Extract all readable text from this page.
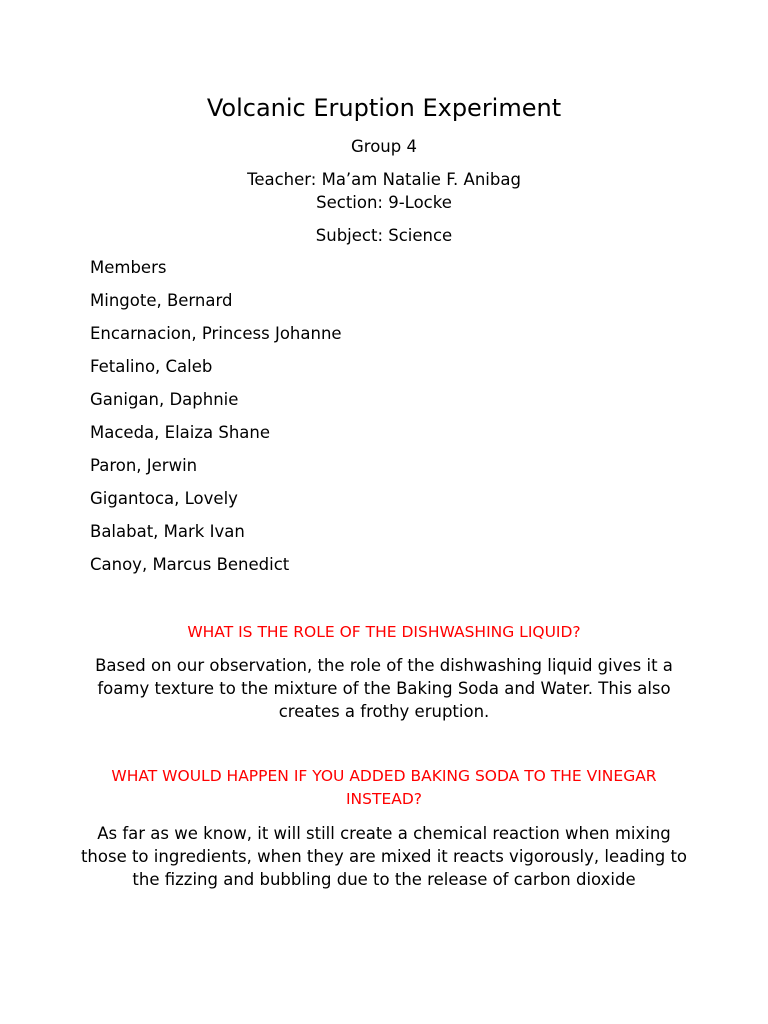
Volcanic Eruption Experiment

Group 4

Teacher: Ma’am Natalie F. Anibag

Section: 9-Locke

Subject: Science

Members
Mingote, Bernard
Encarnacion, Princess Johanne
Fetalino, Caleb
Ganigan, Daphnie
Maceda, Elaiza Shane
Paron, Jerwin
Gigantoca, Lovely
Balabat, Mark Ivan
Canoy, Marcus Benedict

WHAT IS THE ROLE OF THE DISHWASHING LIQUID?

Based on our observation, the role of the dishwashing liquid gives it a foamy texture to the mixture of the Baking Soda and Water. This also creates a frothy eruption.

WHAT WOULD HAPPEN IF YOU ADDED BAKING SODA TO THE VINEGAR INSTEAD?

As far as we know, it will still create a chemical reaction when mixing those to ingredients, when they are mixed it reacts vigorously, leading to the fizzing and bubbling due to the release of carbon dioxide
